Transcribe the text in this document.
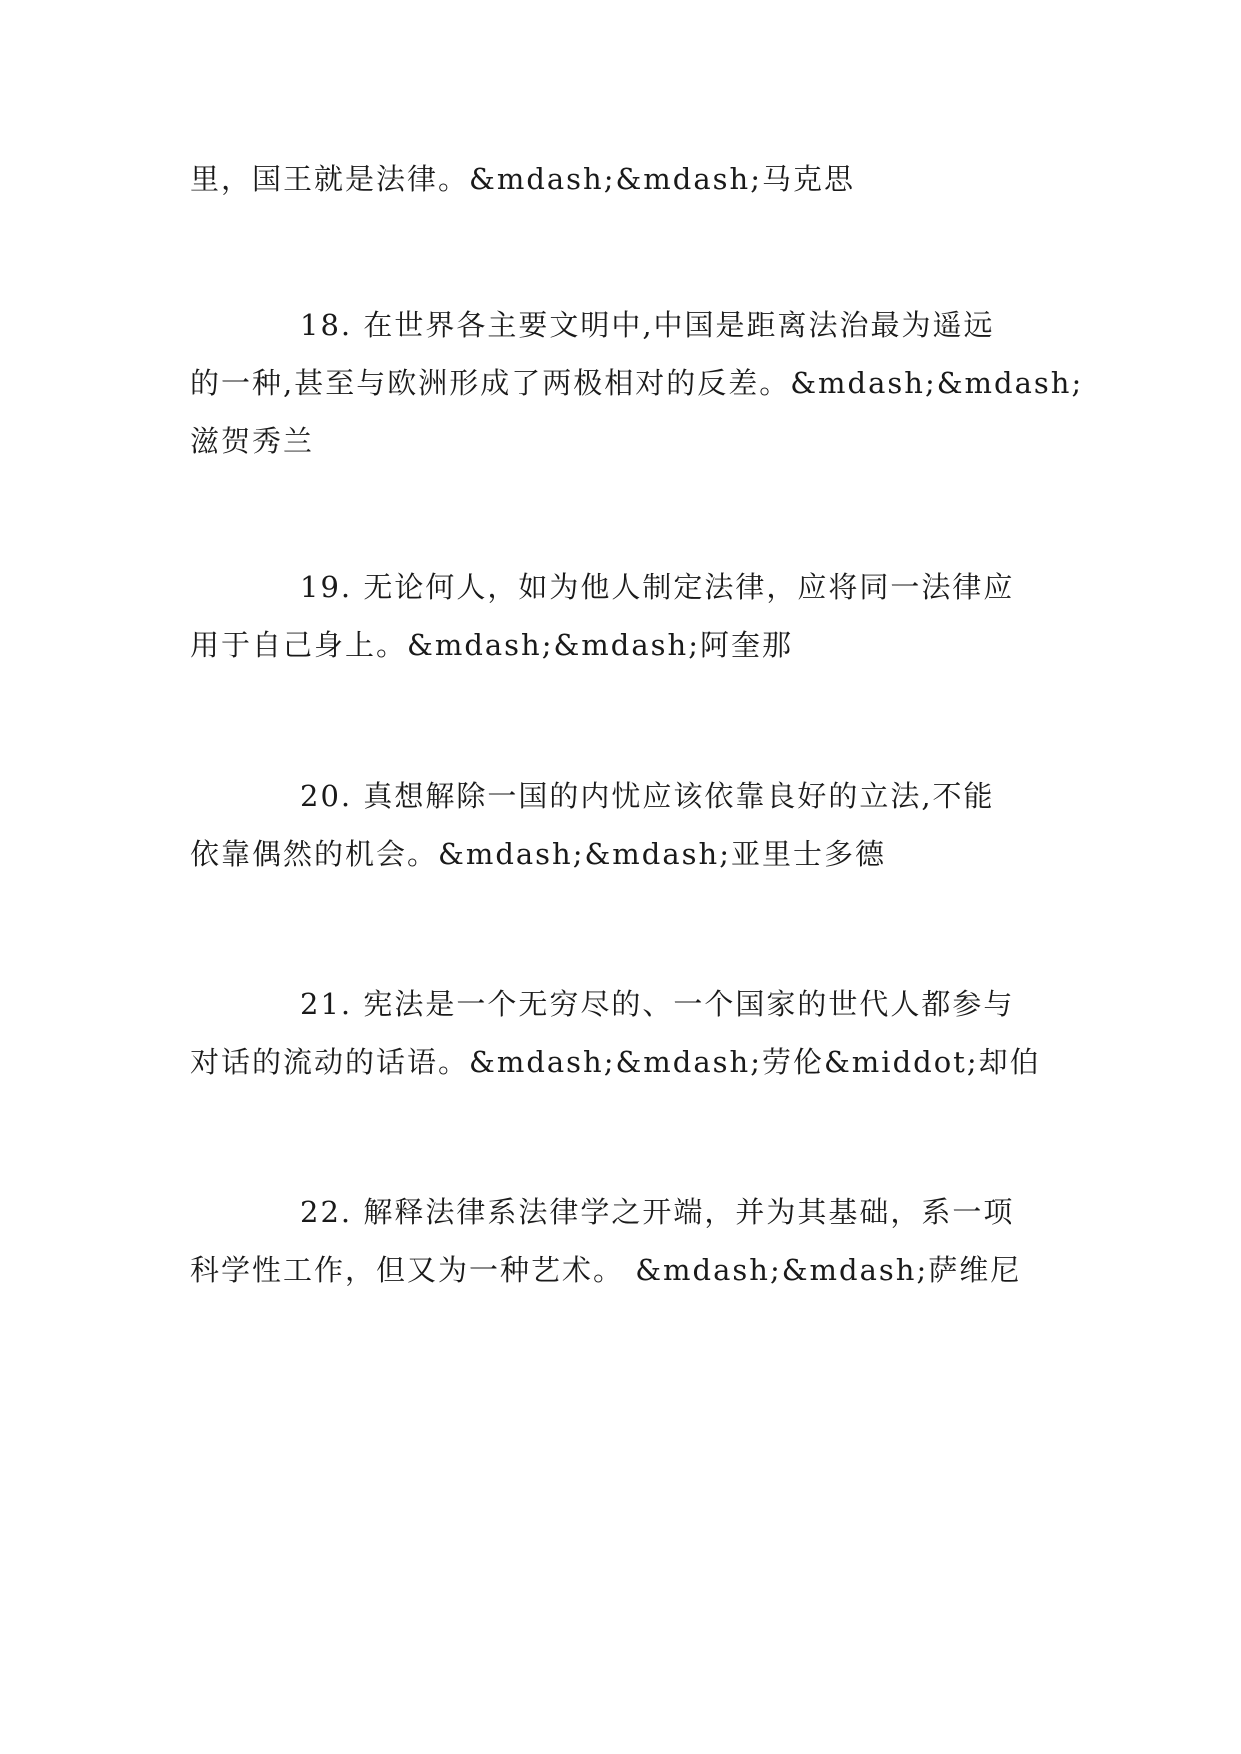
里，国王就是法律。&mdash;&mdash;马克思
18. 在世界各主要文明中,中国是距离法治最为遥远
的一种,甚至与欧洲形成了两极相对的反差。&mdash;&mdash;
滋贺秀兰
19. 无论何人，如为他人制定法律，应将同一法律应
用于自己身上。&mdash;&mdash;阿奎那
20. 真想解除一国的内忧应该依靠良好的立法,不能
依靠偶然的机会。&mdash;&mdash;亚里士多德
21. 宪法是一个无穷尽的、一个国家的世代人都参与
对话的流动的话语。&mdash;&mdash;劳伦&middot;却伯
22. 解释法律系法律学之开端，并为其基础，系一项
科学性工作，但又为一种艺术。 &mdash;&mdash;萨维尼
